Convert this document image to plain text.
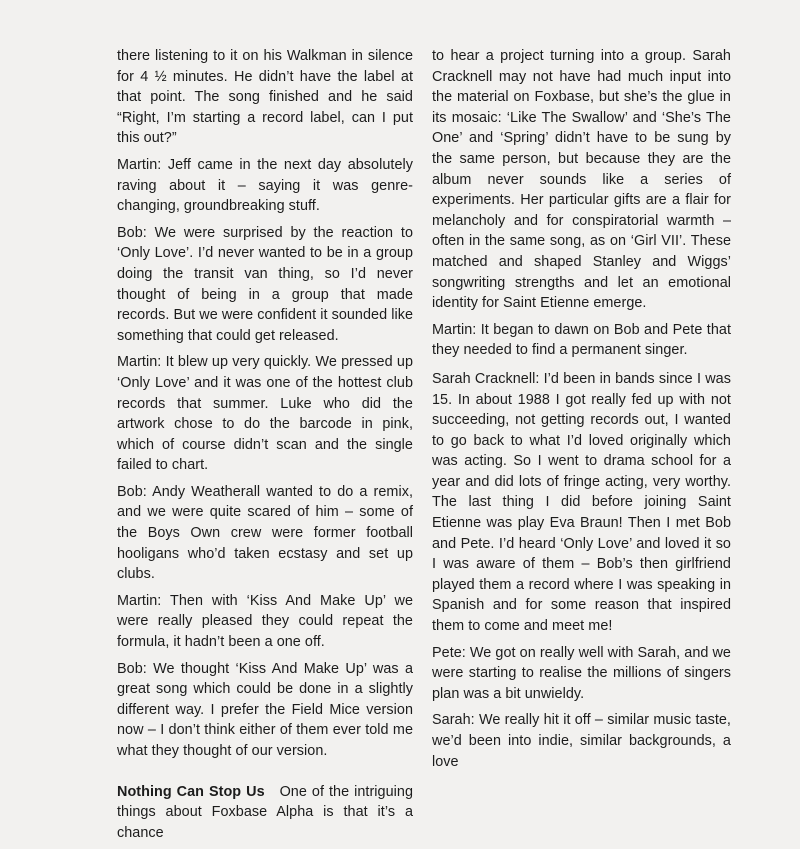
there listening to it on his Walkman in silence for 4 ½ minutes. He didn’t have the label at that point. The song finished and he said “Right, I’m starting a record label, can I put this out?”

Martin: Jeff came in the next day absolutely raving about it – saying it was genre-changing, groundbreaking stuff.

Bob: We were surprised by the reaction to ‘Only Love’. I’d never wanted to be in a group doing the transit van thing, so I’d never thought of being in a group that made records. But we were confident it sounded like something that could get released.

Martin: It blew up very quickly. We pressed up ‘Only Love’ and it was one of the hottest club records that summer. Luke who did the artwork chose to do the barcode in pink, which of course didn’t scan and the single failed to chart.

Bob: Andy Weatherall wanted to do a remix, and we were quite scared of him – some of the Boys Own crew were former football hooligans who’d taken ecstasy and set up clubs.

Martin: Then with ‘Kiss And Make Up’ we were really pleased they could repeat the formula, it hadn’t been a one off.

Bob: We thought ‘Kiss And Make Up’ was a great song which could be done in a slightly different way. I prefer the Field Mice version now – I don’t think either of them ever told me what they thought of our version.

Nothing Can Stop Us One of the intriguing things about Foxbase Alpha is that it’s a chance

to hear a project turning into a group. Sarah Cracknell may not have had much input into the material on Foxbase, but she’s the glue in its mosaic: ‘Like The Swallow’ and ‘She’s The One’ and ‘Spring’ didn’t have to be sung by the same person, but because they are the album never sounds like a series of experiments. Her particular gifts are a flair for melancholy and for conspiratorial warmth – often in the same song, as on ‘Girl VII’. These matched and shaped Stanley and Wiggs’ songwriting strengths and let an emotional identity for Saint Etienne emerge.

Martin: It began to dawn on Bob and Pete that they needed to find a permanent singer.

Sarah Cracknell: I’d been in bands since I was 15. In about 1988 I got really fed up with not succeeding, not getting records out, I wanted to go back to what I’d loved originally which was acting. So I went to drama school for a year and did lots of fringe acting, very worthy. The last thing I did before joining Saint Etienne was play Eva Braun! Then I met Bob and Pete. I’d heard ‘Only Love’ and loved it so I was aware of them – Bob’s then girlfriend played them a record where I was speaking in Spanish and for some reason that inspired them to come and meet me!

Pete: We got on really well with Sarah, and we were starting to realise the millions of singers plan was a bit unwieldy.

Sarah: We really hit it off – similar music taste, we’d been into indie, similar backgrounds, a love
